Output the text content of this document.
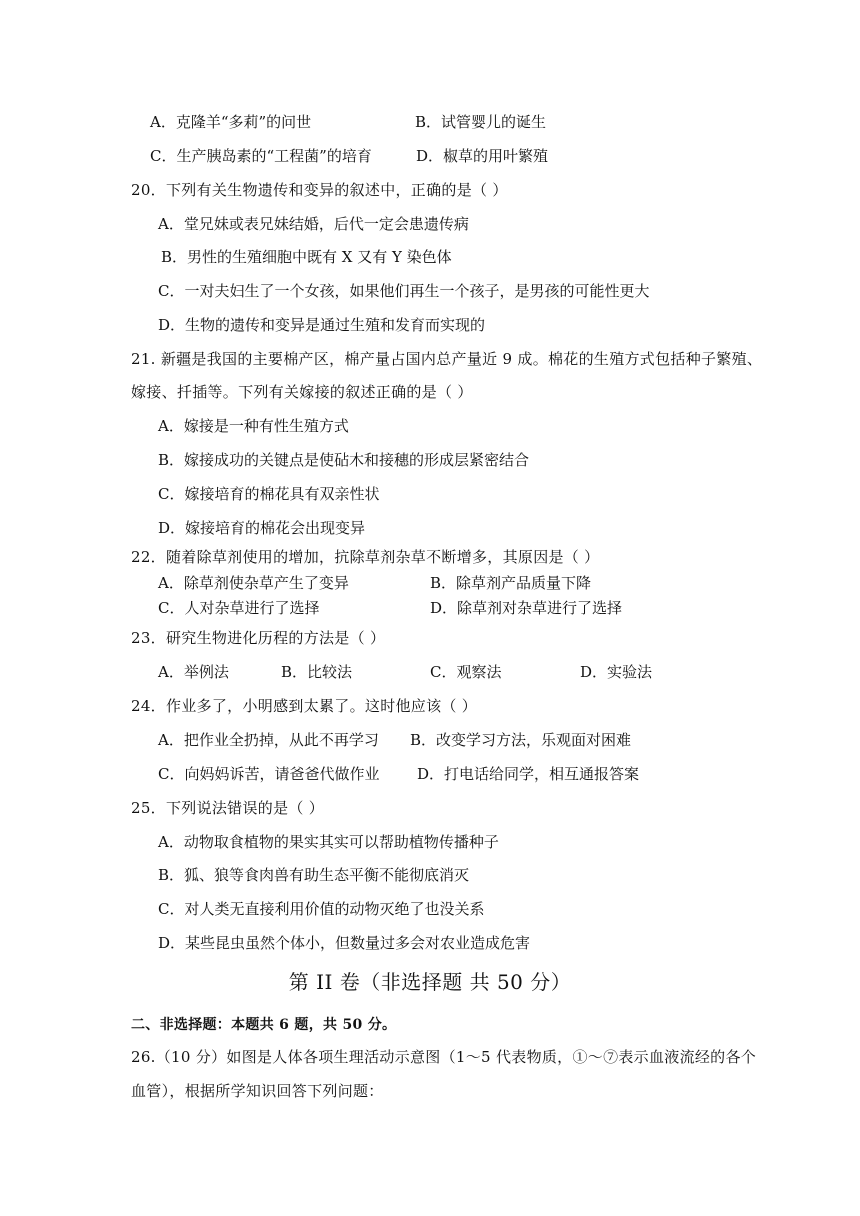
A．克隆羊“多莉”的问世	B．试管婴儿的诞生
C．生产胰岛素的“工程菌”的培育	D．椒草的用叶繁殖
20．下列有关生物遗传和变异的叙述中，正确的是（ ）
A．堂兄妹或表兄妹结婚，后代一定会患遗传病
B．男性的生殖细胞中既有 X 又有 Y 染色体
C．一对夫妇生了一个女孩，如果他们再生一个孩子，是男孩的可能性更大
D．生物的遗传和变异是通过生殖和发育而实现的
21. 新疆是我国的主要棉产区，棉产量占国内总产量近 9 成。棉花的生殖方式包括种子繁殖、
嫁接、扦插等。下列有关嫁接的叙述正确的是（ ）
A．嫁接是一种有性生殖方式
B．嫁接成功的关键点是使砧木和接穗的形成层紧密结合
C．嫁接培育的棉花具有双亲性状
D．嫁接培育的棉花会出现变异
22．随着除草剂使用的增加，抗除草剂杂草不断增多，其原因是（ ）
A．除草剂使杂草产生了变异	B．除草剂产品质量下降
C．人对杂草进行了选择	D．除草剂对杂草进行了选择
23．研究生物进化历程的方法是（ ）
A．举例法	B．比较法	C．观察法	D．实验法
24．作业多了，小明感到太累了。这时他应该（ ）
A．把作业全扔掉，从此不再学习 B．改变学习方法，乐观面对困难
C．向妈妈诉苦，请爸爸代做作业	D．打电话给同学，相互通报答案
25．下列说法错误的是（ ）
A．动物取食植物的果实其实可以帮助植物传播种子
B．狐、狼等食肉兽有助生态平衡不能彻底消灭
C．对人类无直接利用价值的动物灭绝了也没关系
D．某些昆虫虽然个体小，但数量过多会对农业造成危害
第 II 卷（非选择题 共 50 分）
二、非选择题：本题共 6 题，共 50 分。
26.（10 分）如图是人体各项生理活动示意图（1～5 代表物质，①～⑦表示血液流经的各个
血管），根据所学知识回答下列问题：
